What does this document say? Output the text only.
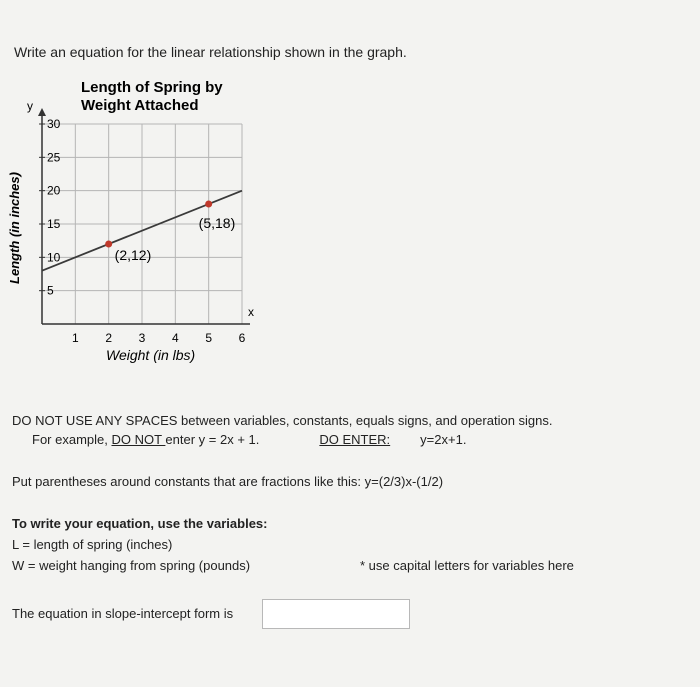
Write an equation for the linear relationship shown in the graph.
Length of Spring by
Weight Attached
Length (in inches)
Weight (in lbs)
y
x
5
10
15
20
25
30
1 2 3 4 5 6
(2,12)
(5,18)
DO NOT USE ANY SPACES between variables, constants, equals signs, and operation signs.
For example, DO NOT enter y = 2x + 1.	DO ENTER: y=2x+1.
Put parentheses around constants that are fractions like this: y=(2/3)x-(1/2)
To write your equation, use the variables:
L = length of spring (inches)
W = weight hanging from spring (pounds)	* use capital letters for variables here
The equation in slope-intercept form is
